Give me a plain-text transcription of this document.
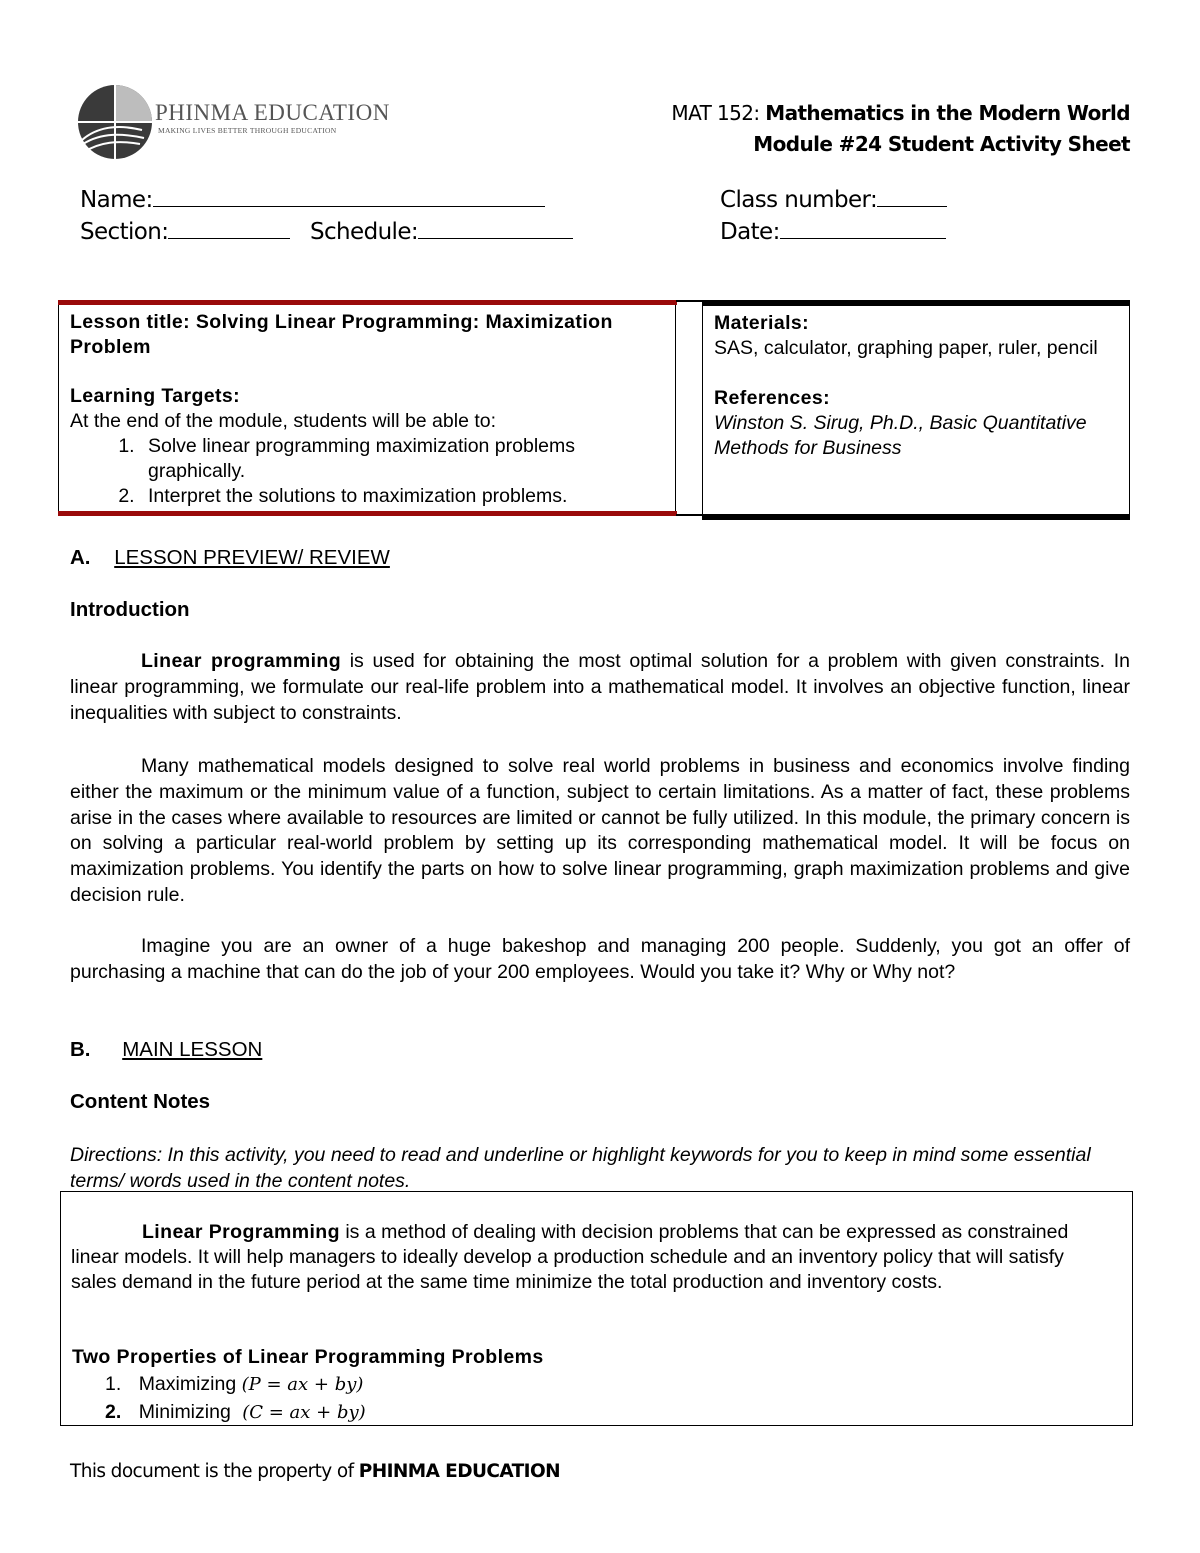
PHINMA EDUCATION
MAKING LIVES BETTER THROUGH EDUCATION
MAT 152: Mathematics in the Modern World
Module #24 Student Activity Sheet
Name:
Section:	Schedule:
Class number:
Date:
Lesson title: Solving Linear Programming: Maximization Problem
Learning Targets:
At the end of the module, students will be able to:
1. Solve linear programming maximization problems graphically.
2. Interpret the solutions to maximization problems.
Materials:
SAS, calculator, graphing paper, ruler, pencil
References:
Winston S. Sirug, Ph.D., Basic Quantitative Methods for Business
A. LESSON PREVIEW/ REVIEW
Introduction
Linear programming is used for obtaining the most optimal solution for a problem with given constraints. In linear programming, we formulate our real-life problem into a mathematical model. It involves an objective function, linear inequalities with subject to constraints.
Many mathematical models designed to solve real world problems in business and economics involve finding either the maximum or the minimum value of a function, subject to certain limitations. As a matter of fact, these problems arise in the cases where available to resources are limited or cannot be fully utilized. In this module, the primary concern is on solving a particular real-world problem by setting up its corresponding mathematical model. It will be focus on maximization problems. You identify the parts on how to solve linear programming, graph maximization problems and give decision rule.
Imagine you are an owner of a huge bakeshop and managing 200 people. Suddenly, you got an offer of purchasing a machine that can do the job of your 200 employees. Would you take it? Why or Why not?
B. MAIN LESSON
Content Notes
Directions: In this activity, you need to read and underline or highlight keywords for you to keep in mind some essential terms/ words used in the content notes.
Linear Programming is a method of dealing with decision problems that can be expressed as constrained linear models. It will help managers to ideally develop a production schedule and an inventory policy that will satisfy sales demand in the future period at the same time minimize the total production and inventory costs.
Two Properties of Linear Programming Problems
1. Maximizing (P = ax + by)
2. Minimizing (C = ax + by)
This document is the property of PHINMA EDUCATION
